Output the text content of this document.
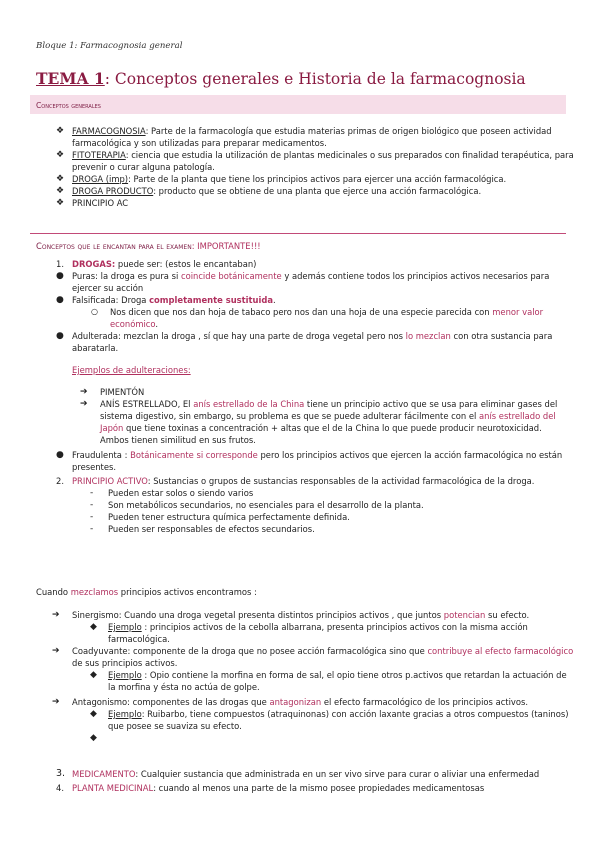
Bloque 1: Farmacognosia general
TEMA 1: Conceptos generales e Historia de la farmacognosia
Conceptos generales
❖ FARMACOGNOSIA: Parte de la farmacología que estudia materias primas de origen biológico que poseen actividad
farmacológica y son utilizadas para preparar medicamentos.
❖ FITOTERAPIA: ciencia que estudia la utilización de plantas medicinales o sus preparados con finalidad terapéutica, para
prevenir o curar alguna patología.
❖ DROGA (imp): Parte de la planta que tiene los principios activos para ejercer una acción farmacológica.
❖ DROGA PRODUCTO: producto que se obtiene de una planta que ejerce una acción farmacológica.
❖ PRINCIPIO AC
Conceptos que le encantan para el examen: IMPORTANTE!!!
1. DROGAS: puede ser: (estos le encantaban)
● Puras: la droga es pura si coincide botánicamente y además contiene todos los principios activos necesarios para
ejercer su acción
● Falsificada: Droga completamente sustituida.
○ Nos dicen que nos dan hoja de tabaco pero nos dan una hoja de una especie parecida con menor valor
económico.
● Adulterada: mezclan la droga , sí que hay una parte de droga vegetal pero nos lo mezclan con otra sustancia para
abaratarla.
Ejemplos de adulteraciones:
➔ PIMENTÓN
➔ ANÍS ESTRELLADO, El anís estrellado de la China tiene un principio activo que se usa para eliminar gases del
sistema digestivo, sin embargo, su problema es que se puede adulterar fácilmente con el anís estrellado del
Japón que tiene toxinas a concentración + altas que el de la China lo que puede producir neurotoxicidad.
Ambos tienen similitud en sus frutos.
● Fraudulenta : Botánicamente si corresponde pero los principios activos que ejercen la acción farmacológica no están
presentes.
2. PRINCIPIO ACTIVO: Sustancias o grupos de sustancias responsables de la actividad farmacológica de la droga.
- Pueden estar solos o siendo varios
- Son metabólicos secundarios, no esenciales para el desarrollo de la planta.
- Pueden tener estructura química perfectamente definida.
- Pueden ser responsables de efectos secundarios.
Cuando mezclamos principios activos encontramos :
➔ Sinergismo: Cuando una droga vegetal presenta distintos principios activos , que juntos potencian su efecto.
◆ Ejemplo : principios activos de la cebolla albarrana, presenta principios activos con la misma acción
farmacológica.
➔ Coadyuvante: componente de la droga que no posee acción farmacológica sino que contribuye al efecto farmacológico
de sus principios activos.
◆ Ejemplo : Opio contiene la morfina en forma de sal, el opio tiene otros p.activos que retardan la actuación de
la morfina y ésta no actúa de golpe.
➔ Antagonismo: componentes de las drogas que antagonizan el efecto farmacológico de los principios activos.
◆ Ejemplo: Ruibarbo, tiene compuestos (atraquinonas) con acción laxante gracias a otros compuestos (taninos)
que posee se suaviza su efecto.
◆

3. MEDICAMENTO: Cualquier sustancia que administrada en un ser vivo sirve para curar o aliviar una enfermedad
4. PLANTA MEDICINAL: cuando al menos una parte de la mismo posee propiedades medicamentosas
